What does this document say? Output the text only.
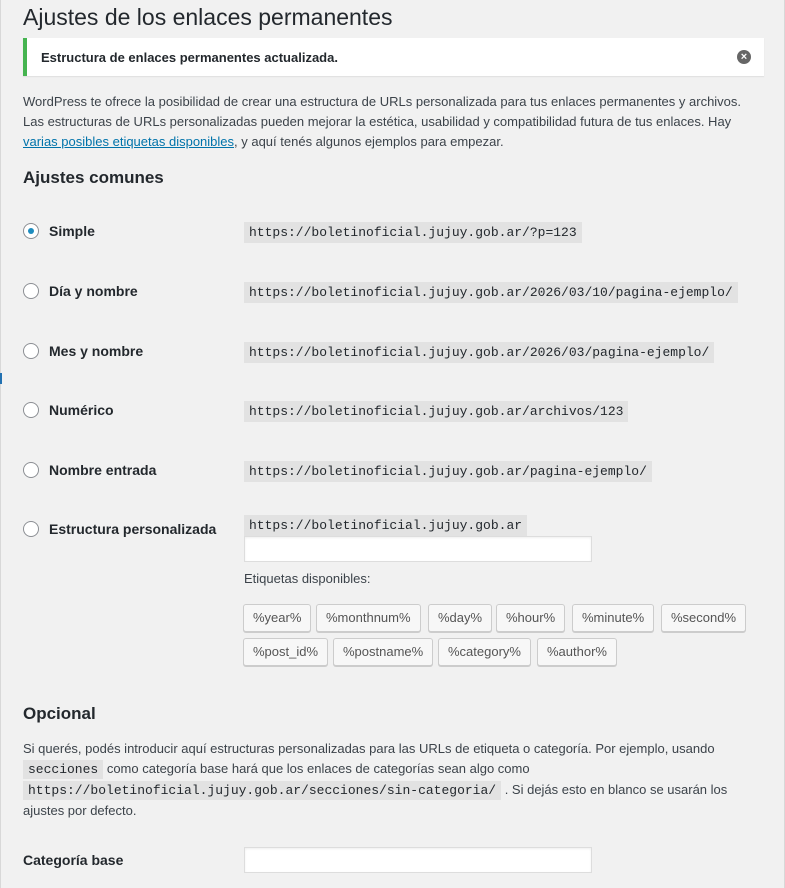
Ajustes de los enlaces permanentes
Estructura de enlaces permanentes actualizada.	×
WordPress te ofrece la posibilidad de crear una estructura de URLs personalizada para tus enlaces permanentes y archivos. Las estructuras de URLs personalizadas pueden mejorar la estética, usabilidad y compatibilidad futura de tus enlaces. Hay varias posibles etiquetas disponibles, y aquí tenés algunos ejemplos para empezar.
Ajustes comunes
Simple	https://boletinoficial.jujuy.gob.ar/?p=123
Día y nombre	https://boletinoficial.jujuy.gob.ar/2026/03/10/pagina-ejemplo/
Mes y nombre	https://boletinoficial.jujuy.gob.ar/2026/03/pagina-ejemplo/
Numérico	https://boletinoficial.jujuy.gob.ar/archivos/123
Nombre entrada	https://boletinoficial.jujuy.gob.ar/pagina-ejemplo/
Estructura personalizada	https://boletinoficial.jujuy.gob.ar
Etiquetas disponibles:
%year%	%monthnum%	%day%	%hour%	%minute%	%second%
%post_id%	%postname%	%category%	%author%
Opcional
Si querés, podés introducir aquí estructuras personalizadas para las URLs de etiqueta o categoría. Por ejemplo, usando secciones como categoría base hará que los enlaces de categorías sean algo como https://boletinoficial.jujuy.gob.ar/secciones/sin-categoria/ . Si dejás esto en blanco se usarán los ajustes por defecto.
Categoría base
